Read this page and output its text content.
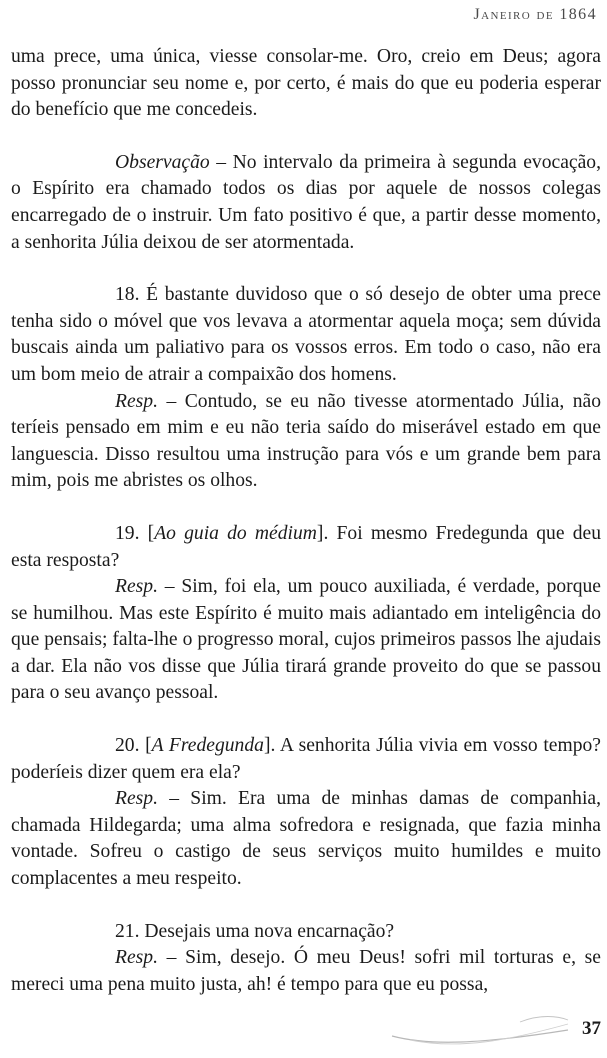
Janeiro de 1864

uma prece, uma única, viesse consolar-me. Oro, creio em Deus; agora posso pronunciar seu nome e, por certo, é mais do que eu poderia esperar do benefício que me concedeis.

Observação – No intervalo da primeira à segunda evocação, o Espírito era chamado todos os dias por aquele de nossos colegas encarregado de o instruir. Um fato positivo é que, a partir desse momento, a senhorita Júlia deixou de ser atormentada.

18. É bastante duvidoso que o só desejo de obter uma prece tenha sido o móvel que vos levava a atormentar aquela moça; sem dúvida buscais ainda um paliativo para os vossos erros. Em todo o caso, não era um bom meio de atrair a compaixão dos homens.

Resp. – Contudo, se eu não tivesse atormentado Júlia, não teríeis pensado em mim e eu não teria saído do miserável estado em que languescia. Disso resultou uma instrução para vós e um grande bem para mim, pois me abristes os olhos.

19. [Ao guia do médium]. Foi mesmo Fredegunda que deu esta resposta?

Resp. – Sim, foi ela, um pouco auxiliada, é verdade, porque se humilhou. Mas este Espírito é muito mais adiantado em inteligência do que pensais; falta-lhe o progresso moral, cujos primeiros passos lhe ajudais a dar. Ela não vos disse que Júlia tirará grande proveito do que se passou para o seu avanço pessoal.

20. [A Fredegunda]. A senhorita Júlia vivia em vosso tempo? poderíeis dizer quem era ela?

Resp. – Sim. Era uma de minhas damas de companhia, chamada Hildegarda; uma alma sofredora e resignada, que fazia minha vontade. Sofreu o castigo de seus serviços muito humildes e muito complacentes a meu respeito.

21. Desejais uma nova encarnação?

Resp. – Sim, desejo. Ó meu Deus! sofri mil torturas e, se mereci uma pena muito justa, ah! é tempo para que eu possa,

37
